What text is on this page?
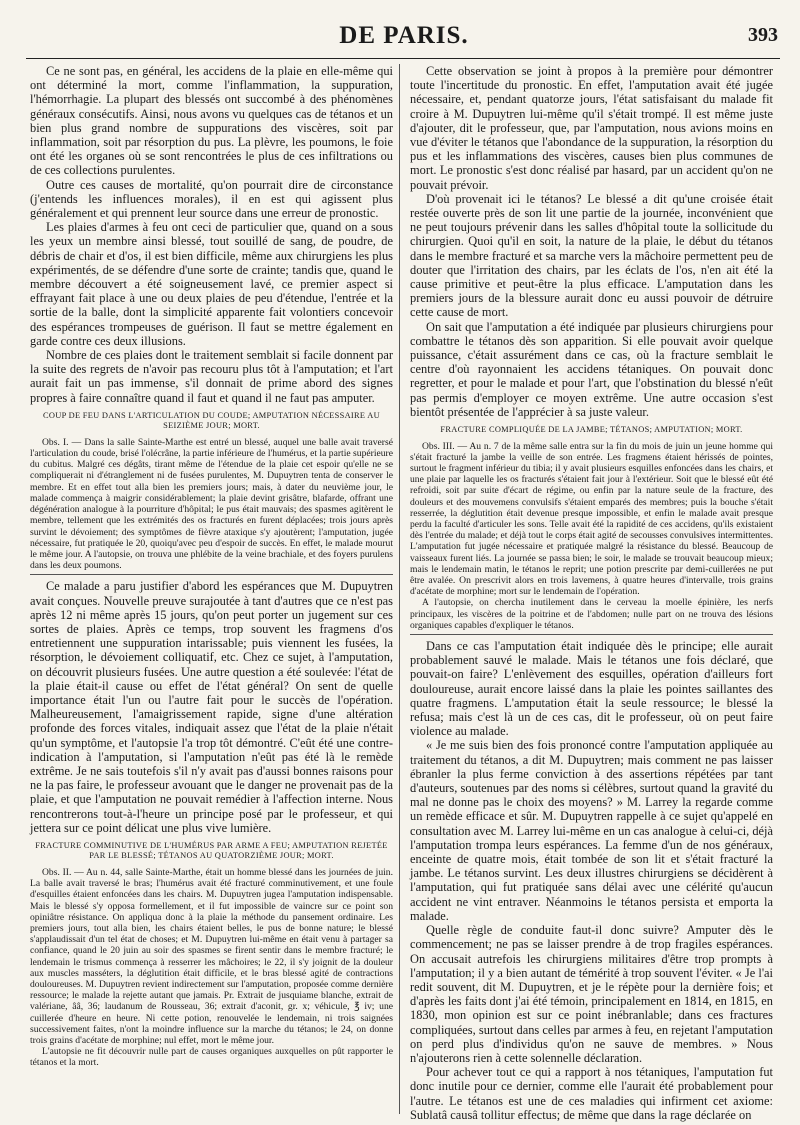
DE PARIS.	393

Ce ne sont pas, en général, les accidens de la plaie en elle-même qui ont déterminé la mort, comme l'inflammation, la suppuration, l'hémorrhagie. La plupart des blessés ont succombé à des phénomènes généraux consécutifs. Ainsi, nous avons vu quelques cas de tétanos et un bien plus grand nombre de suppurations des viscères, soit par inflammation, soit par résorption du pus. La plèvre, les poumons, le foie ont été les organes où se sont rencontrées le plus de ces infiltrations ou de ces collections purulentes.

Outre ces causes de mortalité, qu'on pourrait dire de circonstance (j'entends les influences morales), il en est qui agissent plus généralement et qui prennent leur source dans une erreur de pronostic.

Les plaies d'armes à feu ont ceci de particulier que, quand on a sous les yeux un membre ainsi blessé, tout souillé de sang, de poudre, de débris de chair et d'os, il est bien difficile, même aux chirurgiens les plus expérimentés, de se défendre d'une sorte de crainte; tandis que, quand le membre découvert a été soigneusement lavé, ce premier aspect si effrayant fait place à une ou deux plaies de peu d'étendue, l'entrée et la sortie de la balle, dont la simplicité apparente fait volontiers concevoir des espérances trompeuses de guérison. Il faut se mettre également en garde contre ces deux illusions.

Nombre de ces plaies dont le traitement semblait si facile donnent par la suite des regrets de n'avoir pas recouru plus tôt à l'amputation; et l'art aurait fait un pas immense, s'il donnait de prime abord des signes propres à faire connaître quand il faut et quand il ne faut pas amputer.

COUP DE FEU DANS L'ARTICULATION DU COUDE; AMPUTATION NÉCESSAIRE AU SEIZIÈME JOUR; MORT.

Obs. I. — Dans la salle Sainte-Marthe est entré un blessé, auquel une balle avait traversé l'articulation du coude, brisé l'olécrâne, la partie inférieure de l'humérus, et la partie supérieure du cubitus. Malgré ces dégâts, tirant même de l'étendue de la plaie cet espoir qu'elle ne se compliquerait ni d'étranglement ni de fusées purulentes, M. Dupuytren tenta de conserver le membre. Et en effet tout alla bien les premiers jours; mais, à dater du neuvième jour, le malade commença à maigrir considérablement; la plaie devint grisâtre, blafarde, offrant une dégénération analogue à la pourriture d'hôpital; le pus était mauvais; des spasmes agitèrent le membre, tellement que les extrémités des os fracturés en furent déplacées; trois jours après survint le dévoiement; des symptômes de fièvre ataxique s'y ajoutèrent; l'amputation, jugée nécessaire, fut pratiquée le 20, quoiqu'avec peu d'espoir de succès. En effet, le malade mourut le même jour. A l'autopsie, on trouva une phlébite de la veine brachiale, et des foyers purulens dans les deux poumons.

Ce malade a paru justifier d'abord les espérances que M. Dupuytren avait conçues. Nouvelle preuve surajoutée à tant d'autres que ce n'est pas après 12 ni même après 15 jours, qu'on peut porter un jugement sur ces sortes de plaies. Après ce temps, trop souvent les fragmens d'os entretiennent une suppuration intarissable; puis viennent les fusées, la résorption, le dévoiement colliquatif, etc. Chez ce sujet, à l'amputation, on découvrit plusieurs fusées. Une autre question a été soulevée: l'état de la plaie était-il cause ou effet de l'état général? On sent de quelle importance était l'un ou l'autre fait pour le succès de l'opération. Malheureusement, l'amaigrissement rapide, signe d'une altération profonde des forces vitales, indiquait assez que l'état de la plaie n'était qu'un symptôme, et l'autopsie l'a trop tôt démontré. C'eût été une contre-indication à l'amputation, si l'amputation n'eût pas été là le remède extrême. Je ne sais toutefois s'il n'y avait pas d'aussi bonnes raisons pour ne la pas faire, le professeur avouant que le danger ne provenait pas de la plaie, et que l'amputation ne pouvait remédier à l'affection interne. Nous rencontrerons tout-à-l'heure un principe posé par le professeur, et qui jettera sur ce point délicat une plus vive lumière.

FRACTURE COMMINUTIVE DE L'HUMÉRUS PAR ARME A FEU; AMPUTATION REJETÉE PAR LE BLESSÉ; TÉTANOS AU QUATORZIÈME JOUR; MORT.

Obs. II. — Au n. 44, salle Sainte-Marthe, était un homme blessé dans les journées de juin. La balle avait traversé le bras; l'humérus avait été fracturé comminutivement, et une foule d'esquilles étaient enfoncées dans les chairs. M. Dupuytren jugea l'amputation indispensable. Mais le blessé s'y opposa formellement, et il fut impossible de vaincre sur ce point son opiniâtre résistance. On appliqua donc à la plaie la méthode du pansement ordinaire. Les premiers jours, tout alla bien, les chairs étaient belles, le pus de bonne nature; le blessé s'applaudissait d'un tel état de choses; et M. Dupuytren lui-même en était venu à partager sa confiance, quand le 20 juin au soir des spasmes se firent sentir dans le membre fracturé; le lendemain le trismus commença à resserrer les mâchoires; le 22, il s'y joignit de la douleur aux muscles masséters, la déglutition était difficile, et le bras blessé agité de contractions douloureuses. M. Dupuytren revient indirectement sur l'amputation, proposée comme dernière ressource; le malade la rejette autant que jamais. Pr. Extrait de jusquiame blanche, extrait de valériane, ââ, 36; laudanum de Rousseau, 36; extrait d'aconit, gr. x; véhicule, ℥ iv; une cuillerée d'heure en heure. Ni cette potion, renouvelée le lendemain, ni trois saignées successivement faites, n'ont la moindre influence sur la marche du tétanos; le 24, on donne trois grains d'acétate de morphine; nul effet, mort le même jour.

L'autopsie ne fit découvrir nulle part de causes organiques auxquelles on pût rapporter le tétanos et la mort.

Cette observation se joint à propos à la première pour démontrer toute l'incertitude du pronostic. En effet, l'amputation avait été jugée nécessaire, et, pendant quatorze jours, l'état satisfaisant du malade fit croire à M. Dupuytren lui-même qu'il s'était trompé. Il est même juste d'ajouter, dit le professeur, que, par l'amputation, nous avions moins en vue d'éviter le tétanos que l'abondance de la suppuration, la résorption du pus et les inflammations des viscères, causes bien plus communes de mort. Le pronostic s'est donc réalisé par hasard, par un accident qu'on ne pouvait prévoir.

D'où provenait ici le tétanos? Le blessé a dit qu'une croisée était restée ouverte près de son lit une partie de la journée, inconvénient que ne peut toujours prévenir dans les salles d'hôpital toute la sollicitude du chirurgien. Quoi qu'il en soit, la nature de la plaie, le début du tétanos dans le membre fracturé et sa marche vers la mâchoire permettent peu de douter que l'irritation des chairs, par les éclats de l'os, n'en ait été la cause primitive et peut-être la plus efficace. L'amputation dans les premiers jours de la blessure aurait donc eu aussi pouvoir de détruire cette cause de mort.

On sait que l'amputation a été indiquée par plusieurs chirurgiens pour combattre le tétanos dès son apparition. Si elle pouvait avoir quelque puissance, c'était assurément dans ce cas, où la fracture semblait le centre d'où rayonnaient les accidens tétaniques. On pouvait donc regretter, et pour le malade et pour l'art, que l'obstination du blessé n'eût pas permis d'employer ce moyen extrême. Une autre occasion s'est bientôt présentée de l'apprécier à sa juste valeur.

FRACTURE COMPLIQUÉE DE LA JAMBE; TÉTANOS; AMPUTATION; MORT.

Obs. III. — Au n. 7 de la même salle entra sur la fin du mois de juin un jeune homme qui s'était fracturé la jambe la veille de son entrée. Les fragmens étaient hérissés de pointes, surtout le fragment inférieur du tibia; il y avait plusieurs esquilles enfoncées dans les chairs, et une plaie par laquelle les os fracturés s'étaient fait jour à l'extérieur. Soit que le blessé eût été refroidi, soit par suite d'écart de régime, ou enfin par la nature seule de la fracture, des douleurs et des mouvemens convulsifs s'étaient emparés des membres; puis la bouche s'était resserrée, la déglutition était devenue presque impossible, et enfin le malade avait presque perdu la faculté d'articuler les sons. Telle avait été la rapidité de ces accidens, qu'ils existaient dès l'entrée du malade; et déjà tout le corps était agité de secousses convulsives intermittentes. L'amputation fut jugée nécessaire et pratiquée malgré la résistance du blessé. Beaucoup de vaisseaux furent liés. La journée se passa bien; le soir, le malade se trouvait beaucoup mieux; mais le lendemain matin, le tétanos le reprit; une potion prescrite par demi-cuillerées ne put être avalée. On prescrivit alors en trois lavemens, à quatre heures d'intervalle, trois grains d'acétate de morphine; mort sur le lendemain de l'opération.

A l'autopsie, on chercha inutilement dans le cerveau la moelle épinière, les nerfs principaux, les viscères de la poitrine et de l'abdomen; nulle part on ne trouva des lésions organiques capables d'expliquer le tétanos.

Dans ce cas l'amputation était indiquée dès le principe; elle aurait probablement sauvé le malade. Mais le tétanos une fois déclaré, que pouvait-on faire? L'enlèvement des esquilles, opération d'ailleurs fort douloureuse, aurait encore laissé dans la plaie les pointes saillantes des quatre fragmens. L'amputation était la seule ressource; le blessé la refusa; mais c'est là un de ces cas, dit le professeur, où on peut faire violence au malade.

« Je me suis bien des fois prononcé contre l'amputation appliquée au traitement du tétanos, a dit M. Dupuytren; mais comment ne pas laisser ébranler la plus ferme conviction à des assertions répétées par tant d'auteurs, soutenues par des noms si célèbres, surtout quand la gravité du mal ne donne pas le choix des moyens? » M. Larrey la regarde comme un remède efficace et sûr. M. Dupuytren rappelle à ce sujet qu'appelé en consultation avec M. Larrey lui-même en un cas analogue à celui-ci, déjà l'amputation trompa leurs espérances. La femme d'un de nos généraux, enceinte de quatre mois, était tombée de son lit et s'était fracturé la jambe. Le tétanos survint. Les deux illustres chirurgiens se décidèrent à l'amputation, qui fut pratiquée sans délai avec une célérité qu'aucun accident ne vint entraver. Néanmoins le tétanos persista et emporta la malade.

Quelle règle de conduite faut-il donc suivre? Amputer dès le commencement; ne pas se laisser prendre à de trop fragiles espérances. On accusait autrefois les chirurgiens militaires d'être trop prompts à l'amputation; il y a bien autant de témérité à trop souvent l'éviter. « Je l'ai redit souvent, dit M. Dupuytren, et je le répète pour la dernière fois; et d'après les faits dont j'ai été témoin, principalement en 1814, en 1815, en 1830, mon opinion est sur ce point inébranlable; dans ces fractures compliquées, surtout dans celles par armes à feu, en rejetant l'amputation on perd plus d'individus qu'on ne sauve de membres. » Nous n'ajouterons rien à cette solennelle déclaration.

Pour achever tout ce qui a rapport à nos tétaniques, l'amputation fut donc inutile pour ce dernier, comme elle l'aurait été probablement pour l'autre. Le tétanos est une de ces maladies qui infirment cet axiome: Sublatâ causâ tollitur effectus; de même que dans la rage déclarée on
